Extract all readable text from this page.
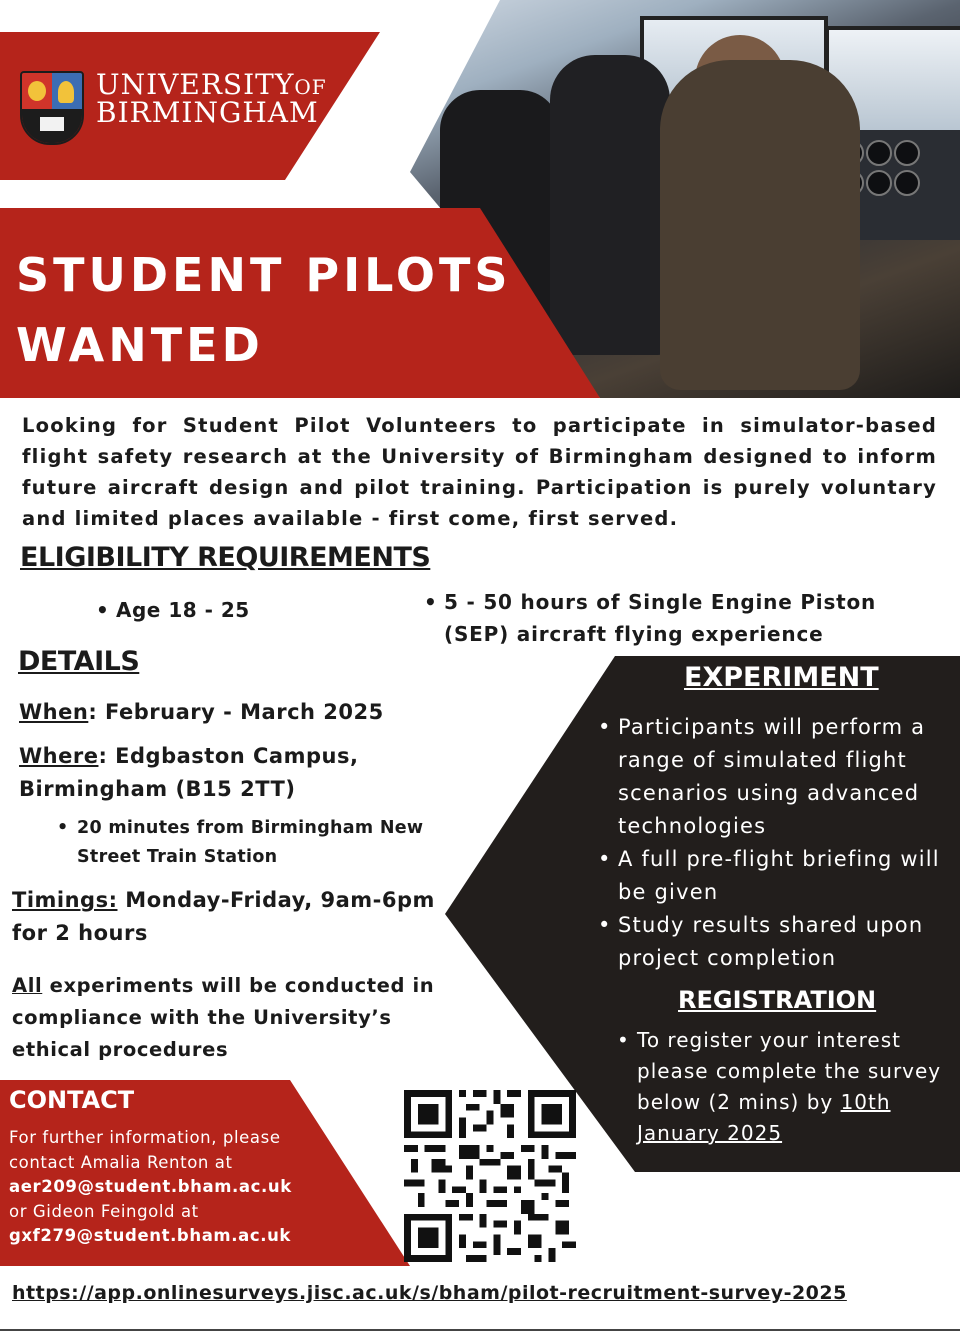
UNIVERSITYOF
BIRMINGHAM
STUDENT PILOTS
WANTED
Looking for Student Pilot Volunteers to participate in simulator-based flight safety research at the University of Birmingham designed to inform future aircraft design and pilot training. Participation is purely voluntary and limited places available - first come, first served.
ELIGIBILITY REQUIREMENTS
• Age 18 - 25
•	5 - 50 hours of Single Engine Piston (SEP) aircraft flying experience
DETAILS
When: February - March 2025
Where: Edgbaston Campus, Birmingham (B15 2TT)
• 20 minutes from Birmingham New Street Train Station
Timings: Monday-Friday, 9am-6pm for 2 hours
All experiments will be conducted in compliance with the University’s ethical procedures
EXPERIMENT
• Participants will perform a range of simulated flight scenarios using advanced technologies
• A full pre-flight briefing will be given
• Study results shared upon project completion
REGISTRATION
• To register your interest please complete the survey below (2 mins) by 10th January 2025
CONTACT
For further information, please contact Amalia Renton at
aer209@student.bham.ac.uk
or Gideon Feingold at
gxf279@student.bham.ac.uk
https://app.onlinesurveys.jisc.ac.uk/s/bham/pilot-recruitment-survey-2025
